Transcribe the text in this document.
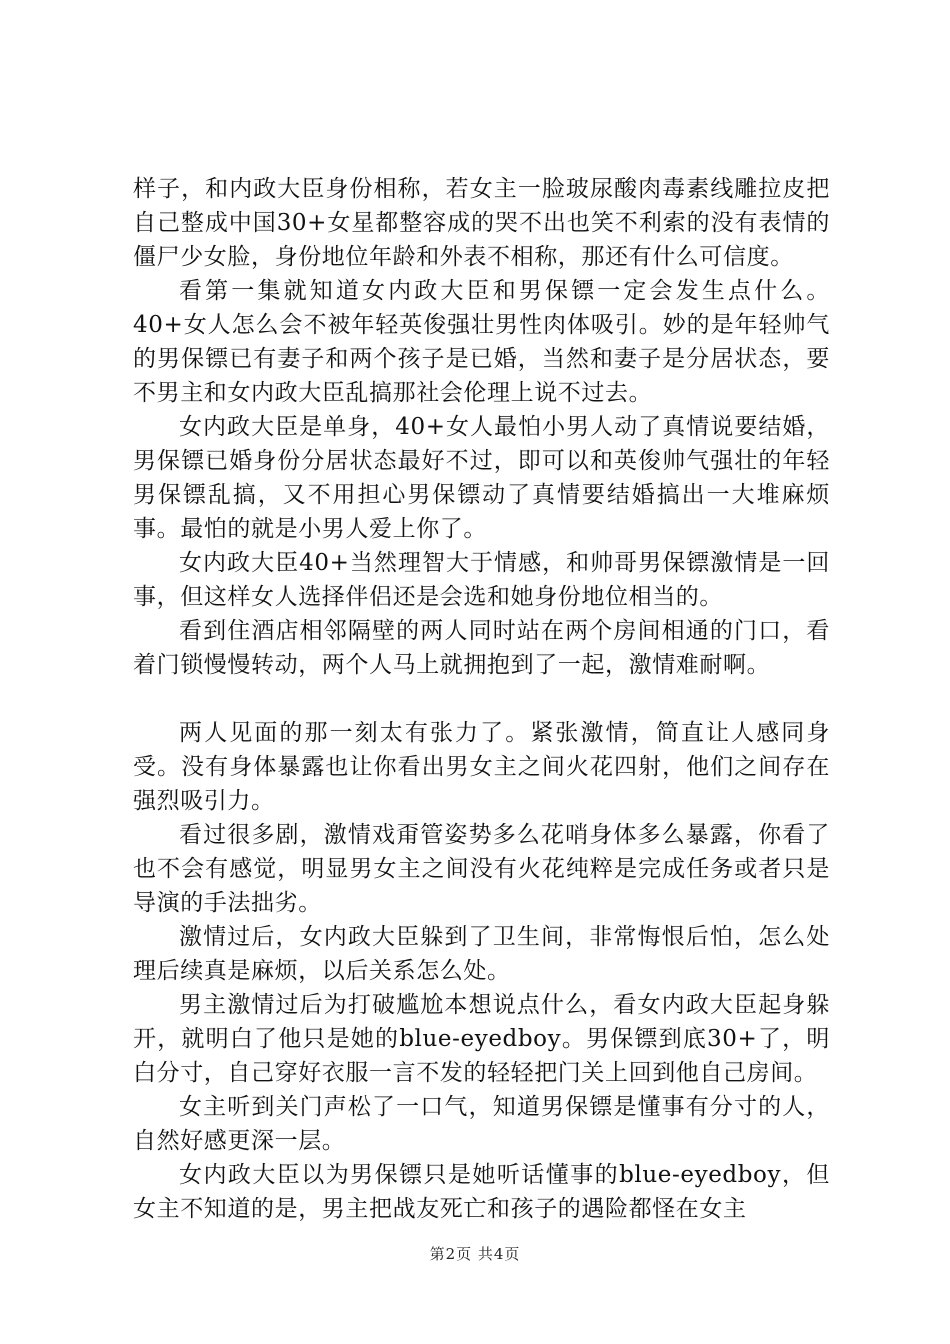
样子，和内政大臣身份相称，若女主一脸玻尿酸肉毒素线雕拉皮把自己整成中国30+女星都整容成的哭不出也笑不利索的没有表情的僵尸少女脸，身份地位年龄和外表不相称，那还有什么可信度。

看第一集就知道女内政大臣和男保镖一定会发生点什么。40+女人怎么会不被年轻英俊强壮男性肉体吸引。妙的是年轻帅气的男保镖已有妻子和两个孩子是已婚，当然和妻子是分居状态，要不男主和女内政大臣乱搞那社会伦理上说不过去。

女内政大臣是单身，40+女人最怕小男人动了真情说要结婚，男保镖已婚身份分居状态最好不过，即可以和英俊帅气强壮的年轻男保镖乱搞，又不用担心男保镖动了真情要结婚搞出一大堆麻烦事。最怕的就是小男人爱上你了。

女内政大臣40+当然理智大于情感，和帅哥男保镖激情是一回事，但这样女人选择伴侣还是会选和她身份地位相当的。

看到住酒店相邻隔壁的两人同时站在两个房间相通的门口，看着门锁慢慢转动，两个人马上就拥抱到了一起，激情难耐啊。

两人见面的那一刻太有张力了。紧张激情，简直让人感同身受。没有身体暴露也让你看出男女主之间火花四射，他们之间存在强烈吸引力。

看过很多剧，激情戏甭管姿势多么花哨身体多么暴露，你看了也不会有感觉，明显男女主之间没有火花纯粹是完成任务或者只是导演的手法拙劣。

激情过后，女内政大臣躲到了卫生间，非常悔恨后怕，怎么处理后续真是麻烦，以后关系怎么处。

男主激情过后为打破尴尬本想说点什么，看女内政大臣起身躲开，就明白了他只是她的blue-eyedboy。男保镖到底30+了，明白分寸，自己穿好衣服一言不发的轻轻把门关上回到他自己房间。

女主听到关门声松了一口气，知道男保镖是懂事有分寸的人，自然好感更深一层。

女内政大臣以为男保镖只是她听话懂事的blue-eyedboy，但女主不知道的是，男主把战友死亡和孩子的遇险都怪在女主

第2页 共4页
